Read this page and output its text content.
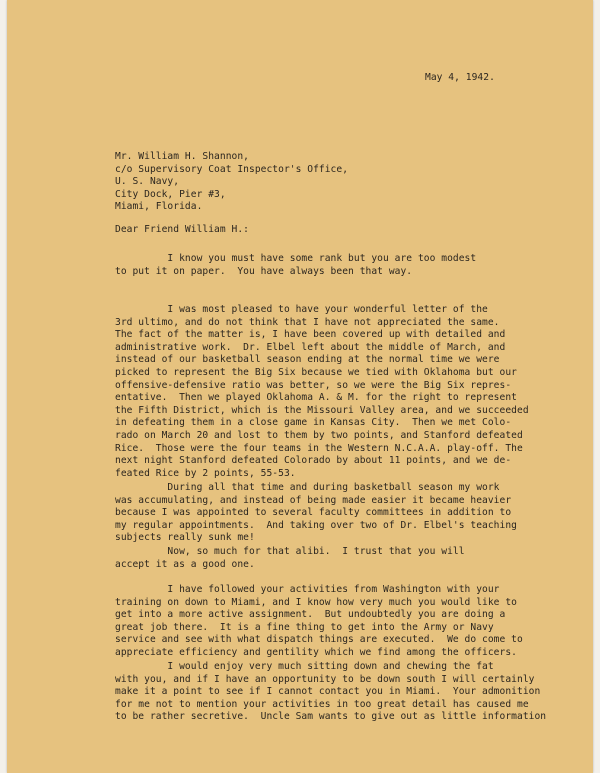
May 4, 1942.

Mr. William H. Shannon,
c/o Supervisory Coat Inspector's Office,
U. S. Navy,
City Dock, Pier #3,
Miami, Florida.

Dear Friend William H.:

I know you must have some rank but you are too modest
to put it on paper.  You have always been that way.
I was most pleased to have your wonderful letter of the
3rd ultimo, and do not think that I have not appreciated the same.
The fact of the matter is, I have been covered up with detailed and
administrative work.  Dr. Elbel left about the middle of March, and
instead of our basketball season ending at the normal time we were
picked to represent the Big Six because we tied with Oklahoma but our
offensive-defensive ratio was better, so we were the Big Six repres-
entative.  Then we played Oklahoma A. & M. for the right to represent
the Fifth District, which is the Missouri Valley area, and we succeeded
in defeating them in a close game in Kansas City.  Then we met Colo-
rado on March 20 and lost to them by two points, and Stanford defeated
Rice.  Those were the four teams in the Western N.C.A.A. play-off. The
next night Stanford defeated Colorado by about 11 points, and we de-
feated Rice by 2 points, 55-53.
During all that time and during basketball season my work
was accumulating, and instead of being made easier it became heavier
because I was appointed to several faculty committees in addition to
my regular appointments.  And taking over two of Dr. Elbel's teaching
subjects really sunk me!
Now, so much for that alibi.  I trust that you will
accept it as a good one.
I have followed your activities from Washington with your
training on down to Miami, and I know how very much you would like to
get into a more active assignment.  But undoubtedly you are doing a
great job there.  It is a fine thing to get into the Army or Navy
service and see with what dispatch things are executed.  We do come to
appreciate efficiency and gentility which we find among the officers.
I would enjoy very much sitting down and chewing the fat
with you, and if I have an opportunity to be down south I will certainly
make it a point to see if I cannot contact you in Miami.  Your admonition
for me not to mention your activities in too great detail has caused me
to be rather secretive.  Uncle Sam wants to give out as little information
